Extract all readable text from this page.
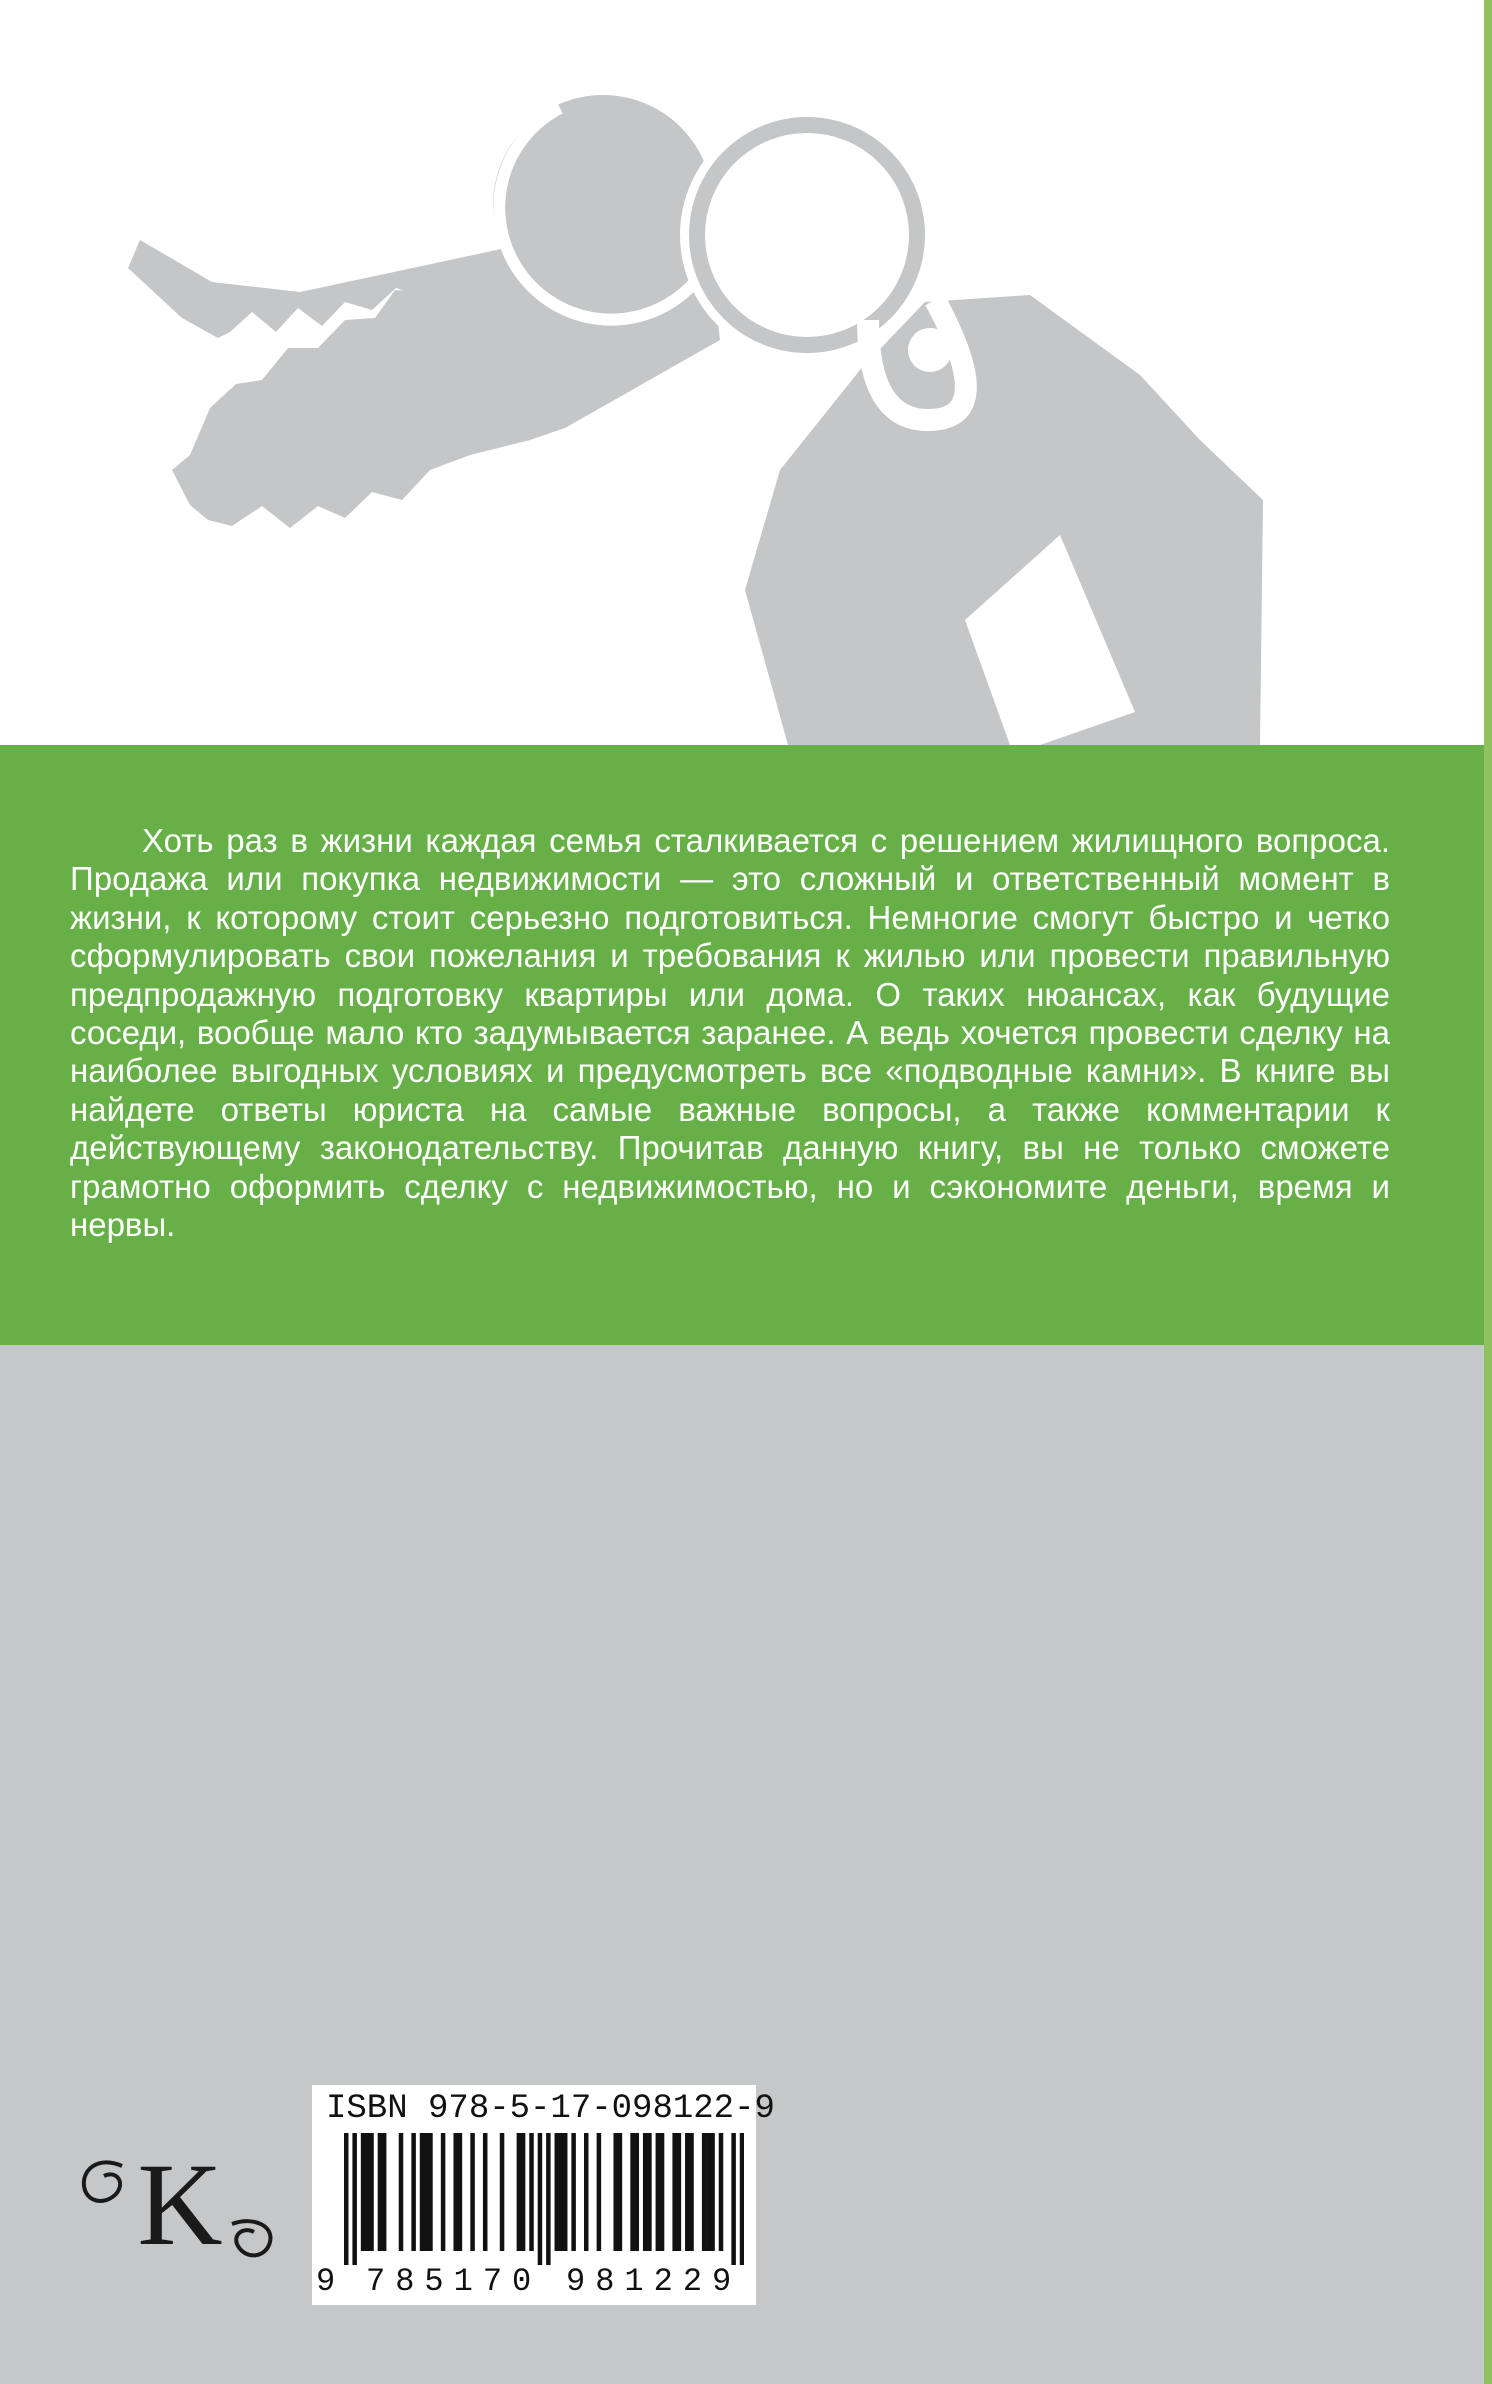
Хоть раз в жизни каждая семья сталкивается с решением жилищного вопроса. Продажа или покупка недвижимости — это сложный и ответственный момент в жизни, к которому стоит серьезно подготовиться. Немногие смогут быстро и четко сформулировать свои пожелания и требования к жилью или провести правильную предпродажную подготовку квартиры или дома. О таких нюансах, как будущие соседи, вообще мало кто задумывается заранее. А ведь хочется провести сделку на наиболее выгодных условиях и предусмотреть все «подводные камни». В книге вы найдете ответы юриста на самые важные вопросы, а также комментарии к действующему законодательству. Прочитав данную книгу, вы не только сможете грамотно оформить сделку с недвижимостью, но и сэкономите деньги, время и нервы.

K

ISBN 978-5-17-098122-9

9 785170 981229
